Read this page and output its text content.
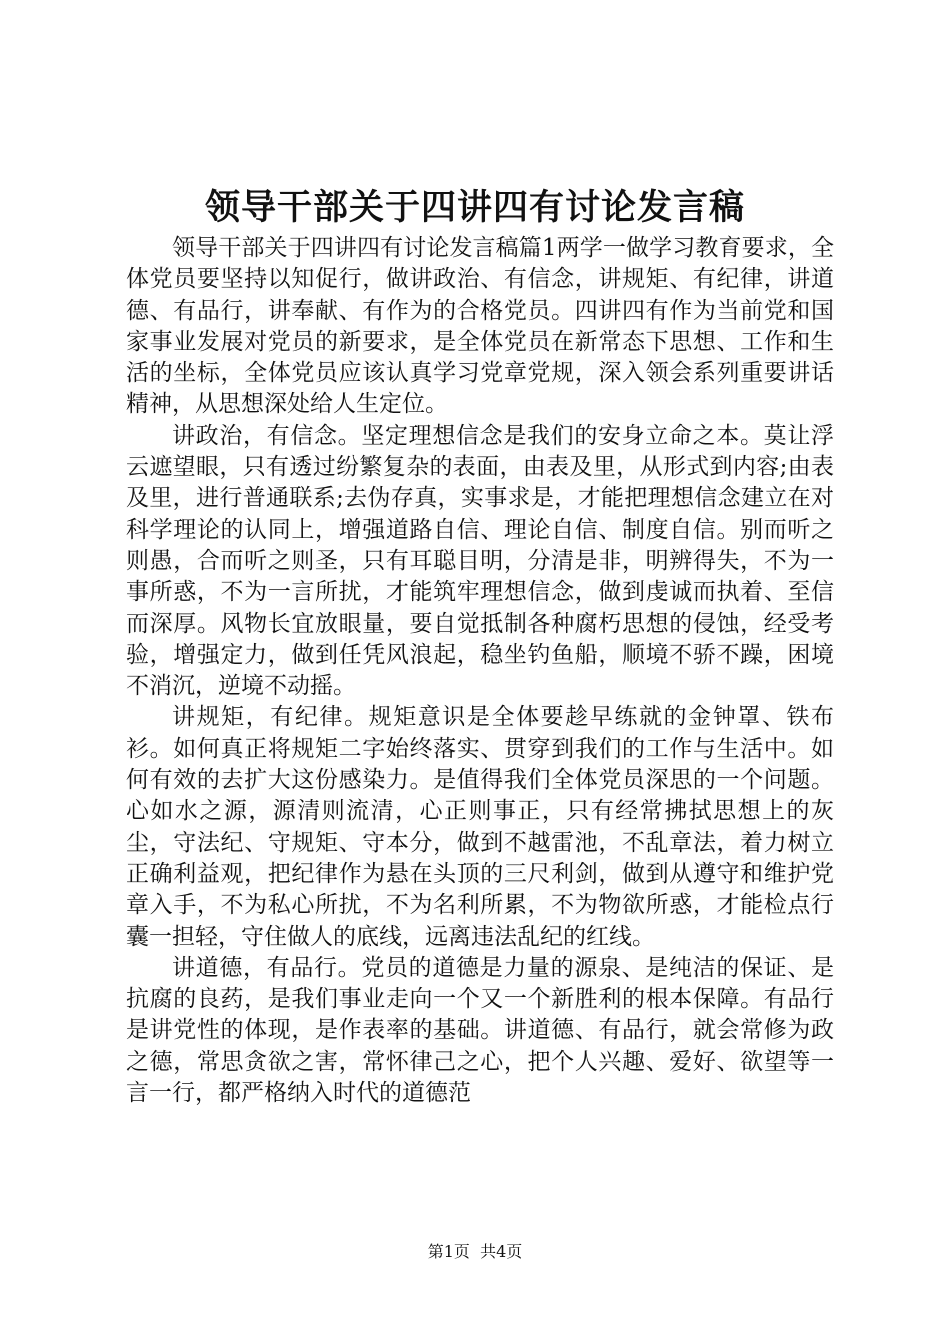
领导干部关于四讲四有讨论发言稿

领导干部关于四讲四有讨论发言稿篇1两学一做学习教育要求，全体党员要坚持以知促行，做讲政治、有信念，讲规矩、有纪律，讲道德、有品行，讲奉献、有作为的合格党员。四讲四有作为当前党和国家事业发展对党员的新要求，是全体党员在新常态下思想、工作和生活的坐标，全体党员应该认真学习党章党规，深入领会系列重要讲话精神，从思想深处给人生定位。

讲政治，有信念。坚定理想信念是我们的安身立命之本。莫让浮云遮望眼，只有透过纷繁复杂的表面，由表及里，从形式到内容;由表及里，进行普通联系;去伪存真，实事求是，才能把理想信念建立在对科学理论的认同上，增强道路自信、理论自信、制度自信。别而听之则愚，合而听之则圣，只有耳聪目明，分清是非，明辨得失，不为一事所惑，不为一言所扰，才能筑牢理想信念，做到虔诚而执着、至信而深厚。风物长宜放眼量，要自觉抵制各种腐朽思想的侵蚀，经受考验，增强定力，做到任凭风浪起，稳坐钓鱼船，顺境不骄不躁，困境不消沉，逆境不动摇。

讲规矩，有纪律。规矩意识是全体要趁早练就的金钟罩、铁布衫。如何真正将规矩二字始终落实、贯穿到我们的工作与生活中。如何有效的去扩大这份感染力。是值得我们全体党员深思的一个问题。心如水之源，源清则流清，心正则事正，只有经常拂拭思想上的灰尘，守法纪、守规矩、守本分，做到不越雷池，不乱章法，着力树立正确利益观，把纪律作为悬在头顶的三尺利剑，做到从遵守和维护党章入手，不为私心所扰，不为名利所累，不为物欲所惑，才能检点行囊一担轻，守住做人的底线，远离违法乱纪的红线。

讲道德，有品行。党员的道德是力量的源泉、是纯洁的保证、是抗腐的良药，是我们事业走向一个又一个新胜利的根本保障。有品行是讲党性的体现，是作表率的基础。讲道德、有品行，就会常修为政之德，常思贪欲之害，常怀律己之心，把个人兴趣、爱好、欲望等一言一行，都严格纳入时代的道德范

第1页 共4页
